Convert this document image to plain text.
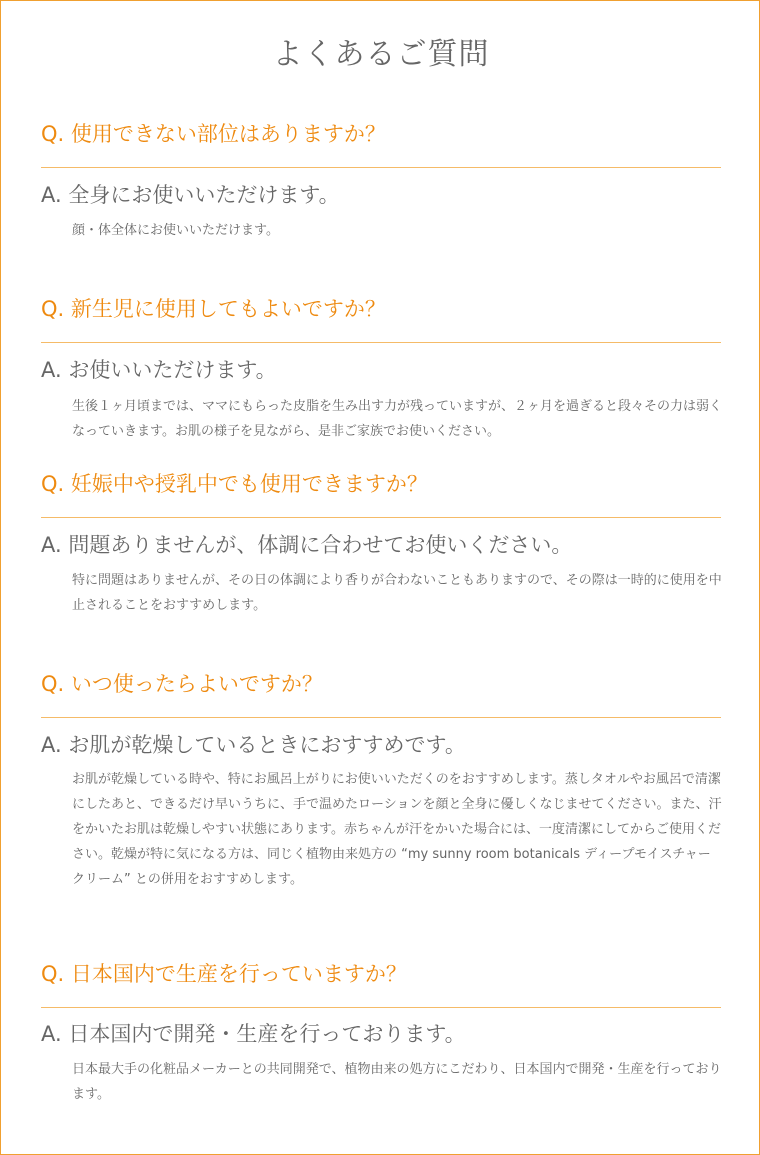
よくあるご質問
Q. 使用できない部位はありますか？
A. 全身にお使いいただけます。
顔・体全体にお使いいただけます。
Q. 新生児に使用してもよいですか？
A. お使いいただけます。
生後１ヶ月頃までは、ママにもらった皮脂を生み出す力が残っていますが、２ヶ月を過ぎると段々その力は弱くなっていきます。お肌の様子を見ながら、是非ご家族でお使いください。
Q. 妊娠中や授乳中でも使用できますか？
A. 問題ありませんが、体調に合わせてお使いください。
特に問題はありませんが、その日の体調により香りが合わないこともありますので、その際は一時的に使用を中止されることをおすすめします。
Q. いつ使ったらよいですか？
A. お肌が乾燥しているときにおすすめです。
お肌が乾燥している時や、特にお風呂上がりにお使いいただくのをおすすめします。蒸しタオルやお風呂で清潔にしたあと、できるだけ早いうちに、手で温めたローションを顔と全身に優しくなじませてください。また、汗をかいたお肌は乾燥しやすい状態にあります。赤ちゃんが汗をかいた場合には、一度清潔にしてからご使用ください。乾燥が特に気になる方は、同じく植物由来処方の “my sunny room botanicals ディープモイスチャー クリーム” との併用をおすすめします。
Q. 日本国内で生産を行っていますか？
A. 日本国内で開発・生産を行っております。
日本最大手の化粧品メーカーとの共同開発で、植物由来の処方にこだわり、日本国内で開発・生産を行っております。
